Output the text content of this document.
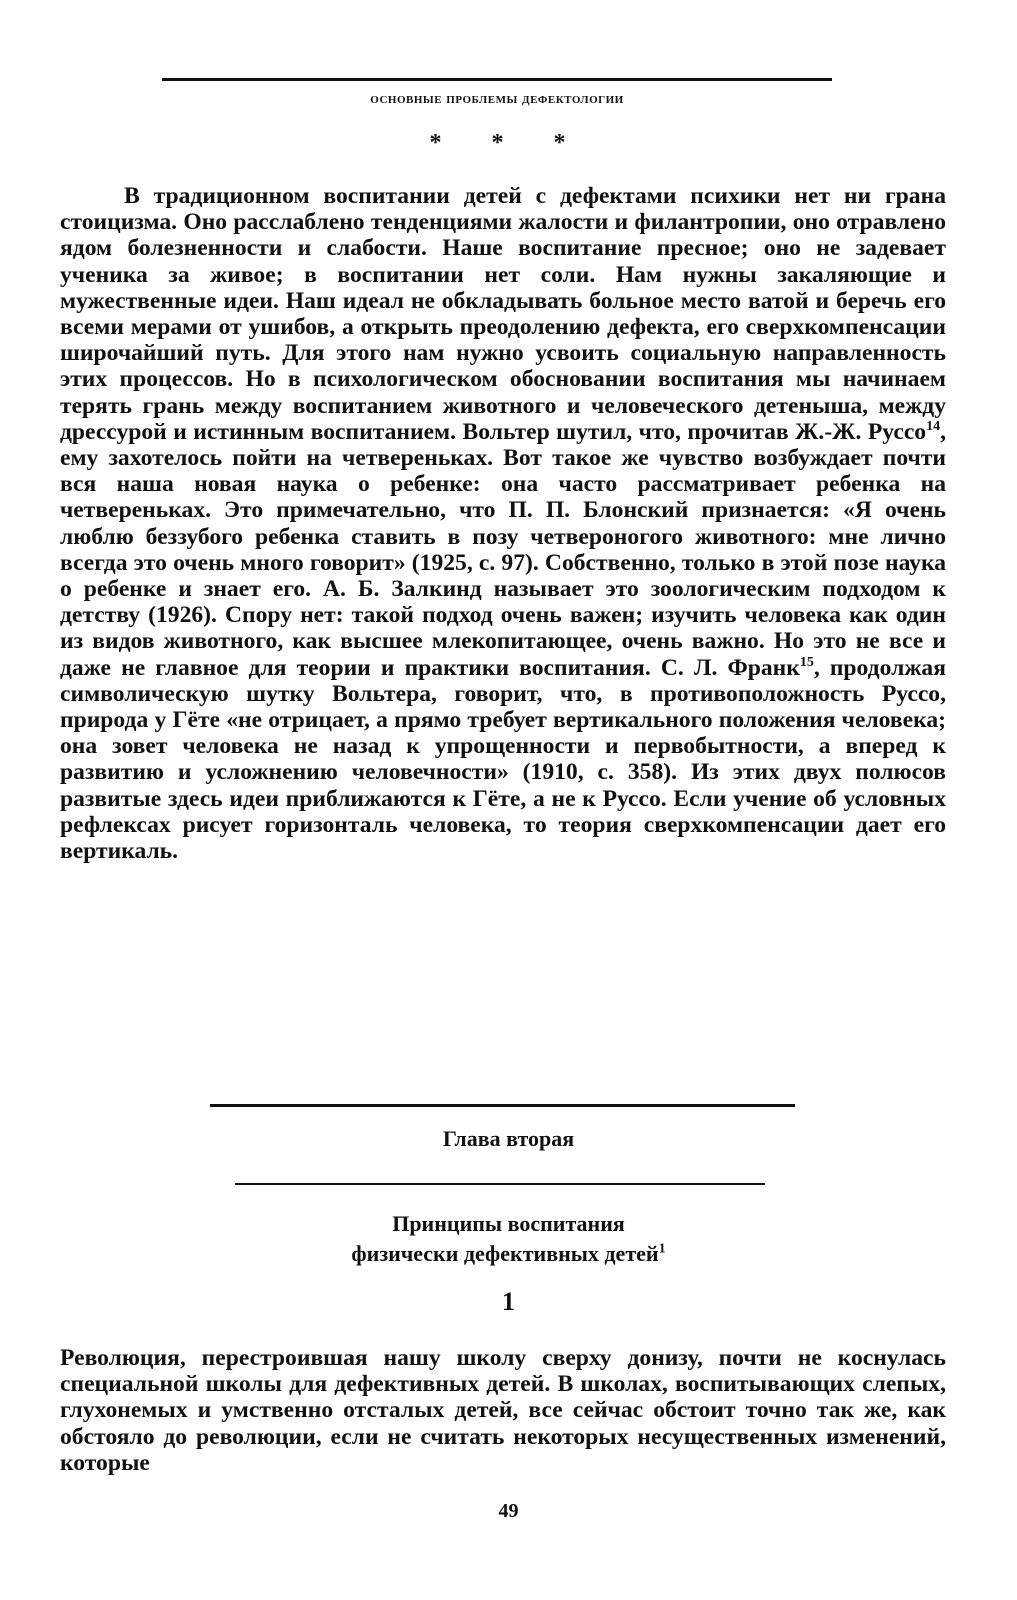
основные проблемы дефектологии
* * *
В традиционном воспитании детей с дефектами психики нет ни грана стоицизма. Оно расслаблено тенденциями жалости и филантропии, оно отравлено ядом болезненности и слабости. Наше воспитание пресное; оно не задевает ученика за живое; в воспитании нет соли. Нам нужны закаляющие и мужественные идеи. Наш идеал не обкладывать больное место ватой и беречь его всеми мерами от ушибов, а открыть преодолению дефекта, его сверхкомпенсации широчайший путь. Для этого нам нужно усвоить социальную направленность этих процессов. Но в психологическом обосновании воспитания мы начинаем терять грань между воспитанием животного и человеческого детеныша, между дрессурой и истинным воспитанием. Вольтер шутил, что, прочитав Ж.-Ж. Руссо$^{14}$, ему захотелось пойти на четвереньках. Вот такое же чувство возбуждает почти вся наша новая наука о ребенке: она часто рассматривает ребенка на четвереньках. Это примечательно, что П. П. Блонский признается: «Я очень люблю беззубого ребенка ставить в позу четвероногого животного: мне лично всегда это очень много говорит» (1925, с. 97). Собственно, только в этой позе наука о ребенке и знает его. А. Б. Залкинд называет это зоологическим подходом к детству (1926). Спору нет: такой подход очень важен; изучить человека как один из видов животного, как высшее млекопитающее, очень важно. Но это не все и даже не главное для теории и практики воспитания. С. Л. Франк$^{15}$, продолжая символическую шутку Вольтера, говорит, что, в противоположность Руссо, природа у Гёте «не отрицает, а прямо требует вертикального положения человека; она зовет человека не назад к упрощенности и первобытности, а вперед к развитию и усложнению человечности» (1910, с. 358). Из этих двух полюсов развитые здесь идеи приближаются к Гёте, а не к Руссо. Если учение об условных рефлексах рисует горизонталь человека, то теория сверхкомпенсации дает его вертикаль.
Глава вторая
Принципы воспитания
физически дефективных детей$^1$
1
Революция, перестроившая нашу школу сверху донизу, почти не коснулась специальной школы для дефективных детей. В школах, воспитывающих слепых, глухонемых и умственно отсталых детей, все сейчас обстоит точно так же, как обстояло до революции, если не считать некоторых несущественных изменений, которые
49
